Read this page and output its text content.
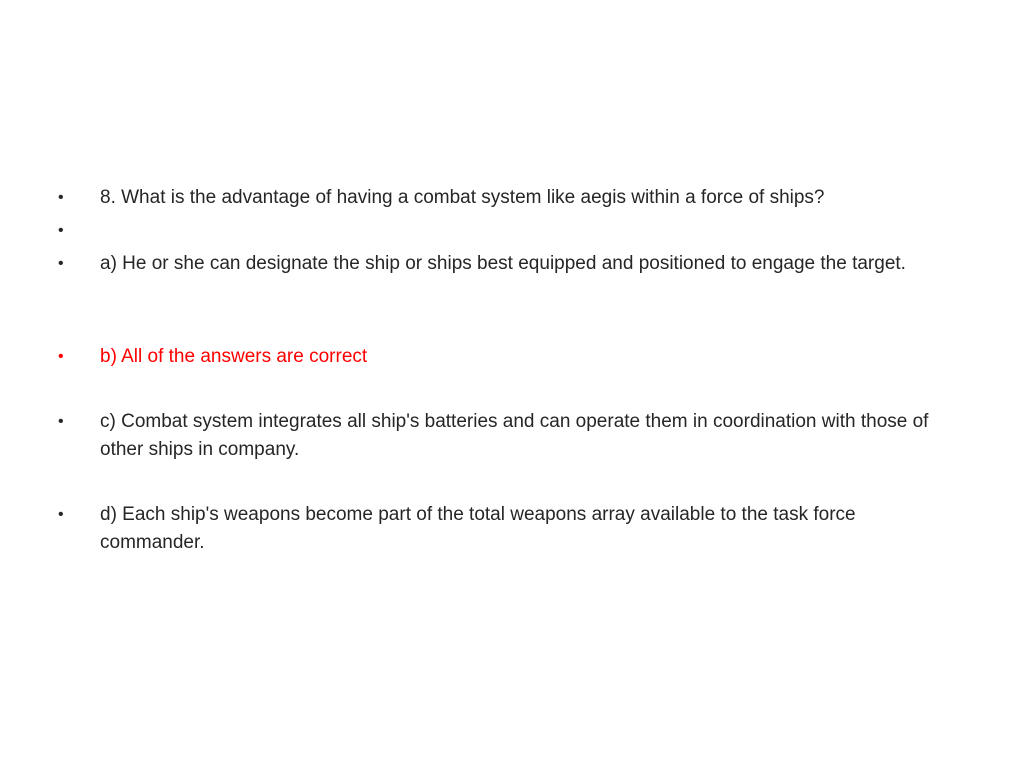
•	8. What is the advantage of having a combat system like aegis within a force of ships?
•
•	a) He or she can designate the ship or ships best equipped and positioned to engage the target.
•	b) All of the answers are correct
•	c) Combat system integrates all ship's batteries and can operate them in coordination with those of other ships in company.
•	d) Each ship's weapons become part of the total weapons array available to the task force commander.
